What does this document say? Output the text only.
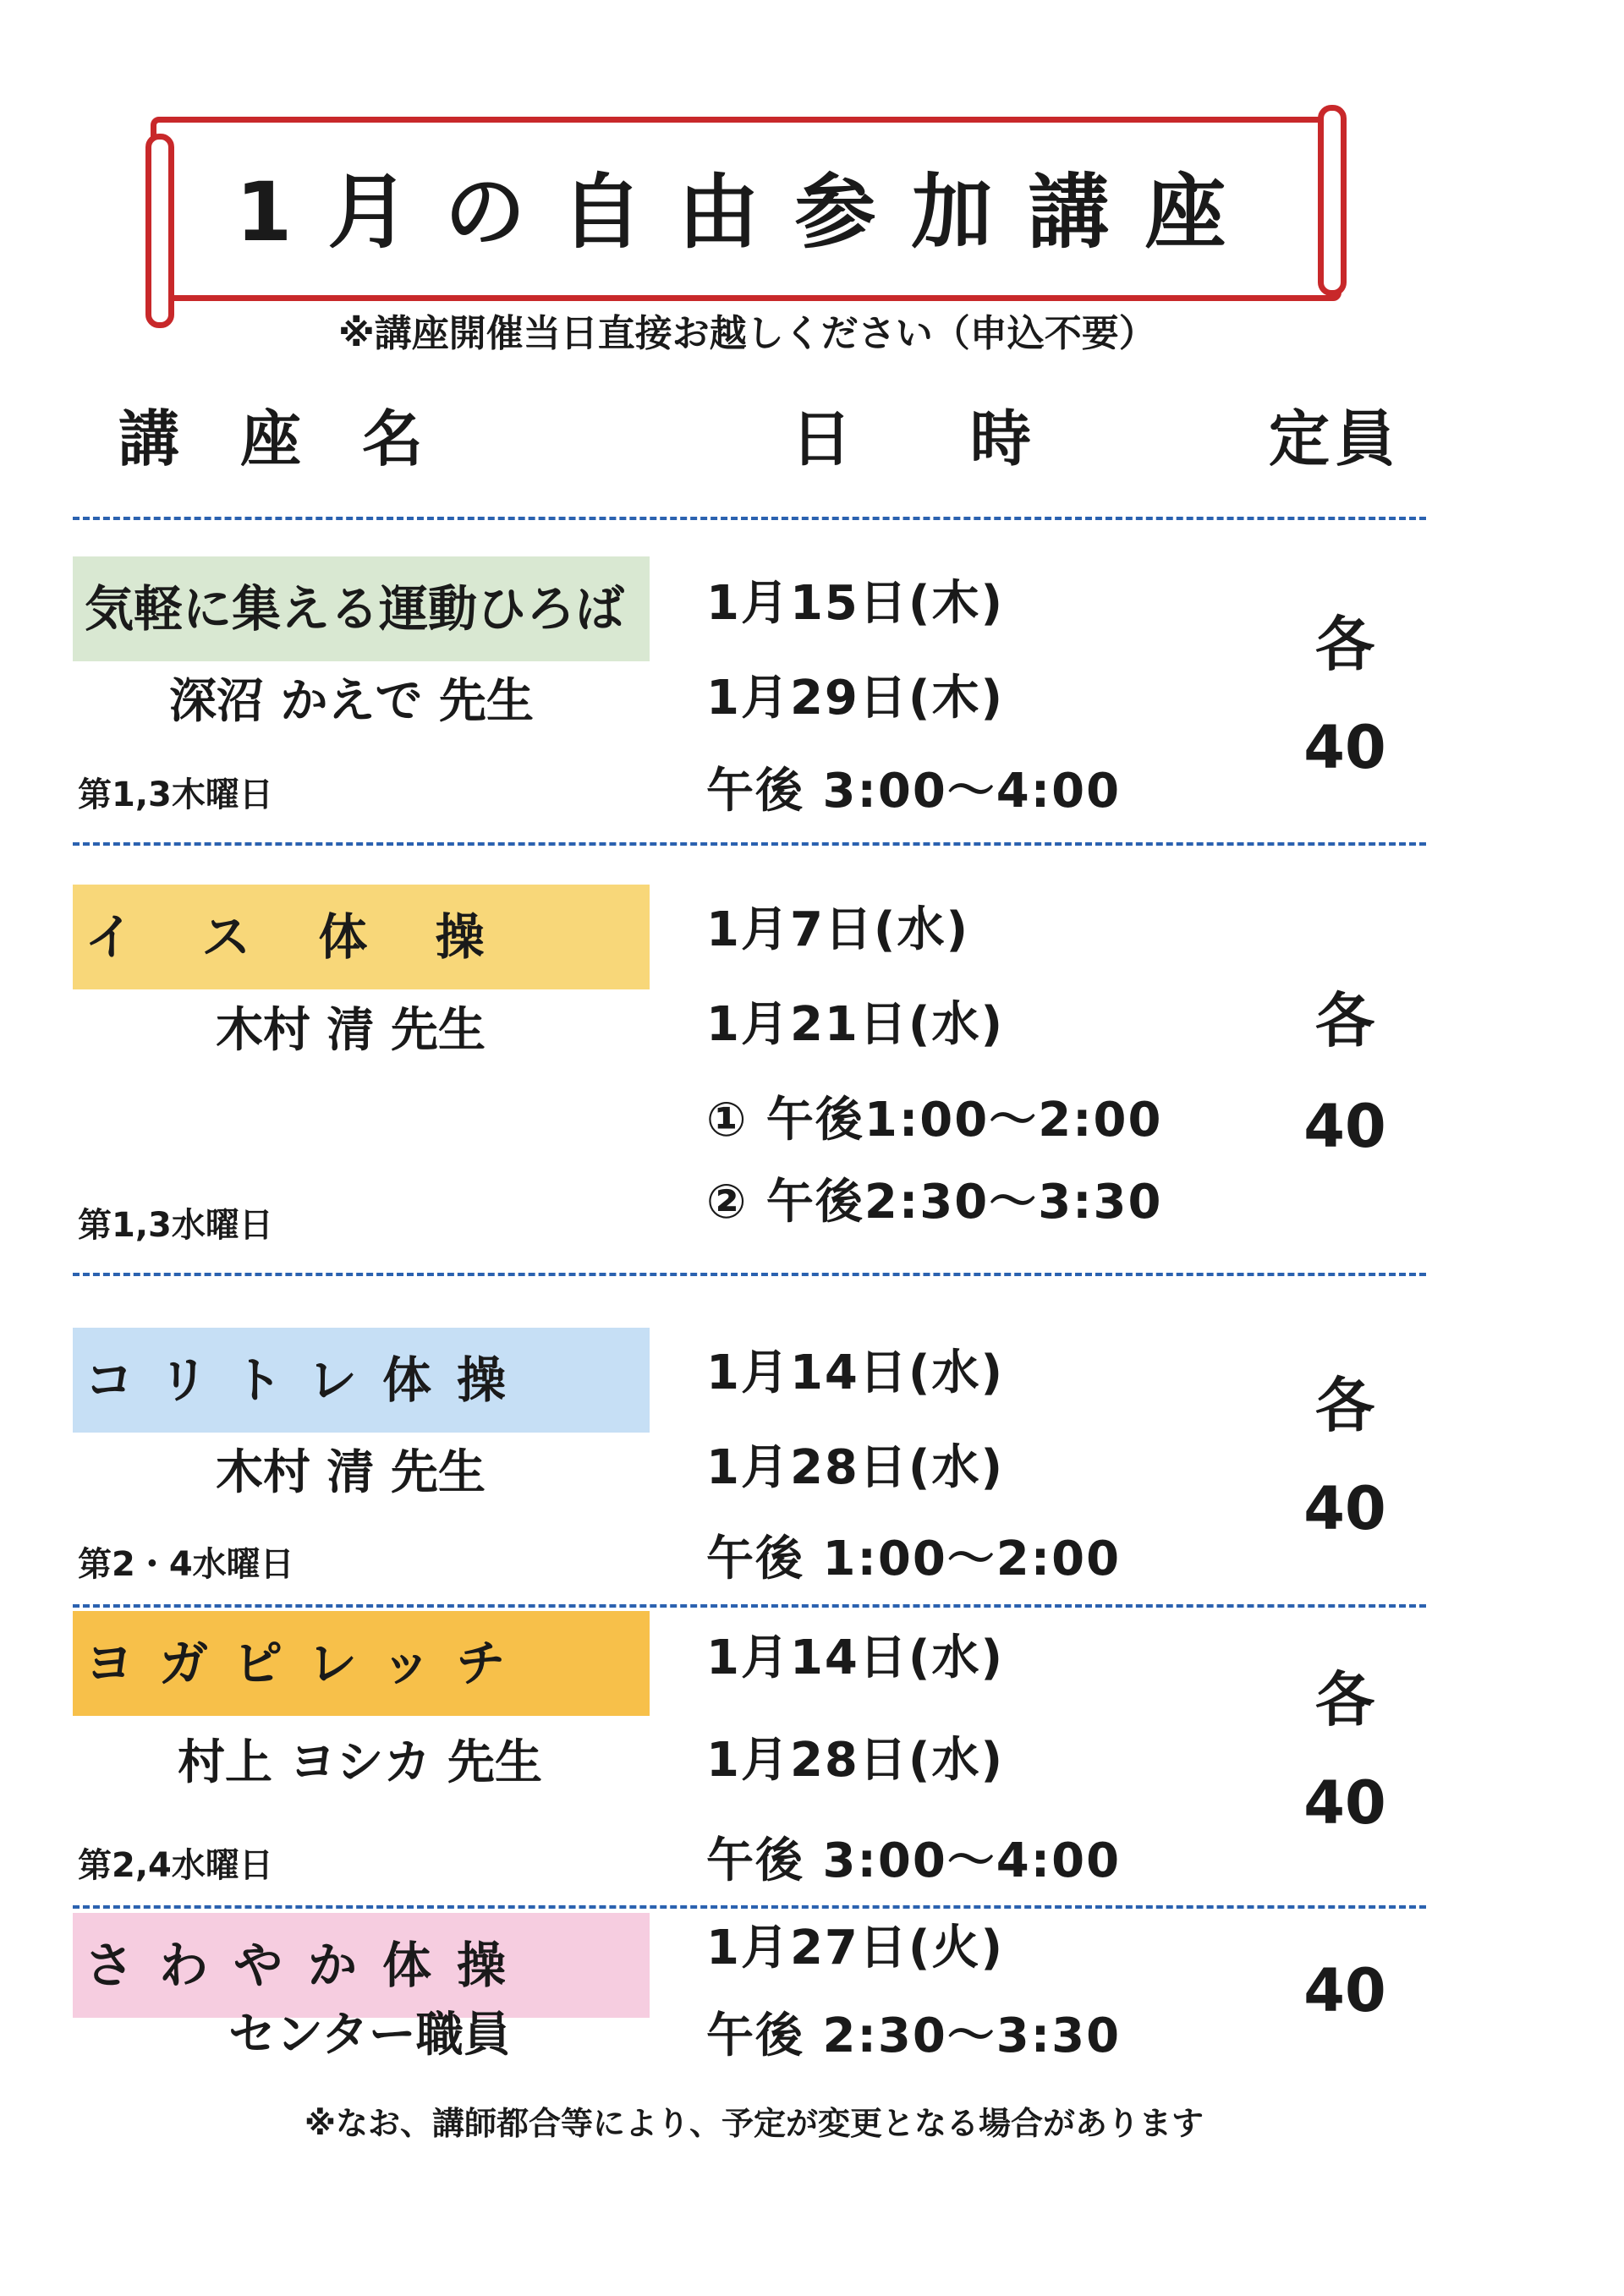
1月の自由参加講座
※講座開催当日直接お越しください（申込不要）
講座名	日時 定員
気軽に集える運動ひろば
深沼 かえで 先生
第1,3木曜日
1月15日(木)
1月29日(木)
午後 3:00〜4:00
各
40
イ ス 体 操
木村 清 先生
第1,3水曜日
1月7日(水)
1月21日(水)
① 午後1:00〜2:00
② 午後2:30〜3:30
各
40
コリトレ体操
木村 清 先生
第2・4水曜日
1月14日(水)
1月28日(水)
午後 1:00〜2:00
各
40
ヨガピレッチ
村上 ヨシカ 先生
第2,4水曜日
1月14日(水)
1月28日(水)
午後 3:00〜4:00
各
40
さわやか体操
センター職員
1月27日(火)
午後 2:30〜3:30
40
※なお、講師都合等により、予定が変更となる場合があります
